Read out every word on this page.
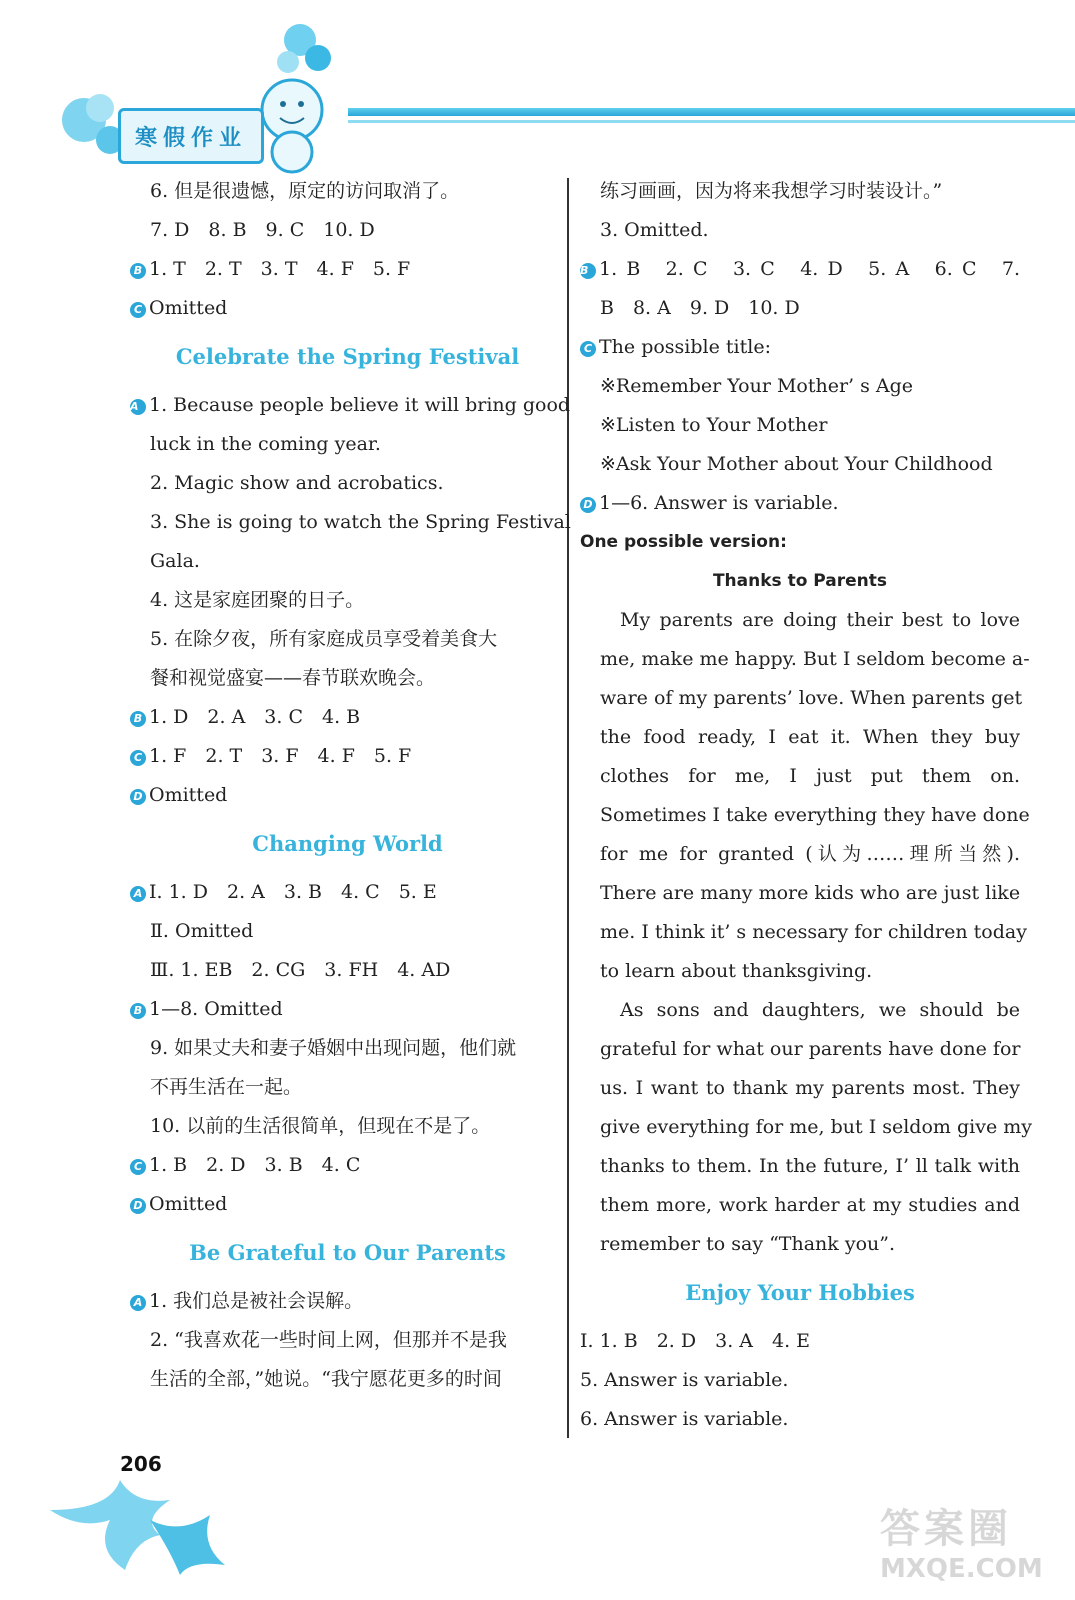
寒假作业
6. 但是很遗憾，原定的访问取消了。
7. D　8. B　9. C　10. D
B 1. T　2. T　3. T　4. F　5. F
C Omitted
Celebrate the Spring Festival
A 1. Because people believe it will bring good
luck in the coming year.
2. Magic show and acrobatics.
3. She is going to watch the Spring Festival
Gala.
4. 这是家庭团聚的日子。
5. 在除夕夜，所有家庭成员享受着美食大
餐和视觉盛宴——春节联欢晚会。
B 1. D　2. A　3. C　4. B
C 1. F　2. T　3. F　4. F　5. F
D Omitted
Changing World
A Ⅰ. 1. D　2. A　3. B　4. C　5. E
Ⅱ. Omitted
Ⅲ. 1. EB　2. CG　3. FH　4. AD
B 1—8. Omitted
9. 如果丈夫和妻子婚姻中出现问题，他们就
不再生活在一起。
10. 以前的生活很简单，但现在不是了。
C 1. B　2. D　3. B　4. C
D Omitted
Be Grateful to Our Parents
A 1. 我们总是被社会误解。
2. “我喜欢花一些时间上网，但那并不是我
生活的全部，”她说。“我宁愿花更多的时间
练习画画，因为将来我想学习时装设计。”
3. Omitted.
B 1. B　2. C　3. C　4. D　5. A　6. C　7.
B　8. A　9. D　10. D
C The possible title:
※Remember Your Mother’ s Age
※Listen to Your Mother
※Ask Your Mother about Your Childhood
D 1—6. Answer is variable.
One possible version:
Thanks to Parents
My parents are doing their best to love
me, make me happy. But I seldom become a-
ware of my parents’ love. When parents get
the food ready, I eat it. When they buy
clothes for me, I just put them on.
Sometimes I take everything they have done
for me for granted (认为……理所当然).
There are many more kids who are just like
me. I think it’ s necessary for children today
to learn about thanksgiving.
As sons and daughters, we should be
grateful for what our parents have done for
us. I want to thank my parents most. They
give everything for me, but I seldom give my
thanks to them. In the future, I’ ll talk with
them more, work harder at my studies and
remember to say “Thank you”.
Enjoy Your Hobbies
Ⅰ. 1. B　2. D　3. A　4. E
5. Answer is variable.
6. Answer is variable.
206
答案圈
MXQE.COM
